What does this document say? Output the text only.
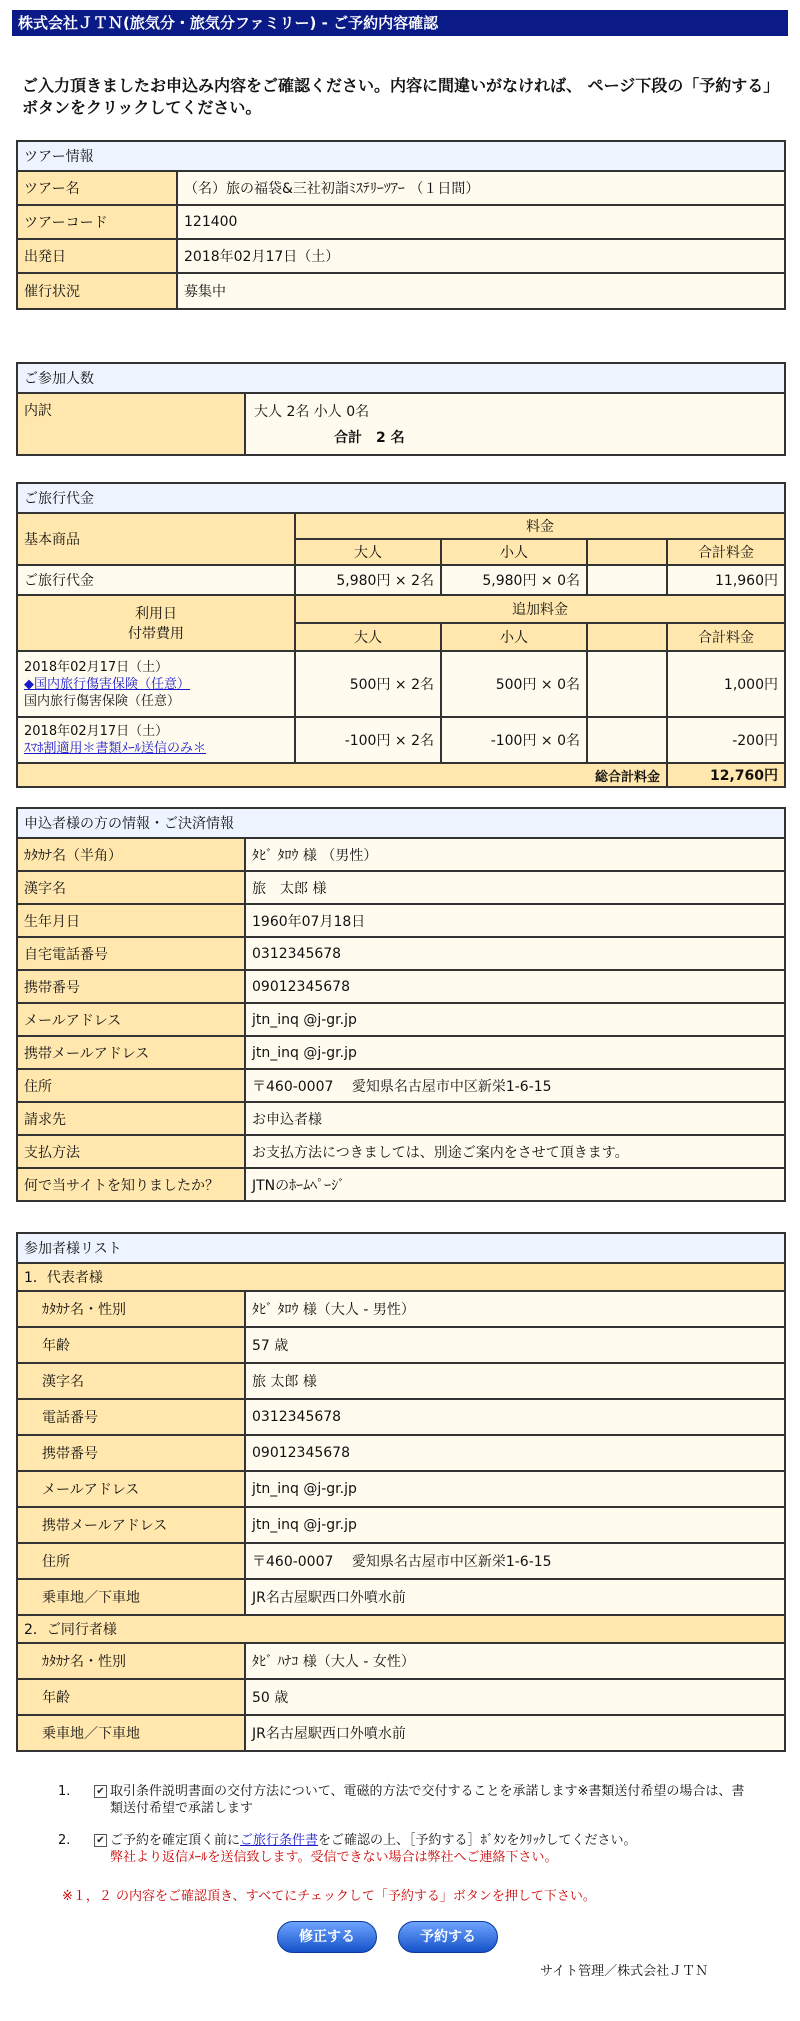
株式会社ＪＴＮ(旅気分・旅気分ファミリー) - ご予約内容確認
ご入力頂きましたお申込み内容をご確認ください。内容に間違いがなければ、 ページ下段の「予約する」ボタンをクリックしてください。
ツアー情報	
ツアー名	（名）旅の福袋&三社初詣ﾐｽﾃﾘｰﾂｱｰ （１日間）
ツアーコード	121400
出発日	2018年02月17日（土）
催行状況	募集中
ご参加人数
内訳	大人 2名 小人 0名
合計　2 名
ご旅行代金				
基本商品	料金			
	大人	小人		合計料金
ご旅行代金	5,980円 × 2名	5,980円 × 0名		11,960円

利用日
付帯費用	追加料金			
	大人	小人		合計料金

2018年02月17日（土）
◆国内旅行傷害保険（任意）
国内旅行傷害保険（任意）	500円 × 2名	500円 × 0名		1,000円

2018年02月17日（土）
ｽﾏﾎ割適用＊書類ﾒｰﾙ送信のみ＊	-100円 × 2名	-100円 × 0名		-200円
総合計料金				12,760円
申込者様の方の情報・ご決済情報	
ｶﾀｶﾅ名（半角）	ﾀﾋﾞ ﾀﾛｳ 様 （男性）
漢字名	旅　太郎 様
生年月日	1960年07月18日
自宅電話番号	0312345678
携帯番号	09012345678
メールアドレス	jtn_inq @j-gr.jp
携帯メールアドレス	jtn_inq @j-gr.jp
住所	〒460-0007　 愛知県名古屋市中区新栄1-6-15
請求先	お申込者様
支払方法	お支払方法につきましては、別途ご案内をさせて頂きます。
何で当サイトを知りましたか？	JTNのﾎｰﾑﾍﾟｰｼﾞ
参加者様リスト	
1．代表者様	
ｶﾀｶﾅ名・性別	ﾀﾋﾞ ﾀﾛｳ 様（大人 - 男性）
年齢	57 歳
漢字名	旅 太郎 様
電話番号	0312345678
携帯番号	09012345678
メールアドレス	jtn_inq @j-gr.jp
携帯メールアドレス	jtn_inq @j-gr.jp
住所	〒460-0007　 愛知県名古屋市中区新栄1-6-15
乗車地／下車地	JR名古屋駅西口外噴水前
2．ご同行者様	
ｶﾀｶﾅ名・性別	ﾀﾋﾞ ﾊﾅｺ 様（大人 - 女性）
年齢	50 歳
乗車地／下車地	JR名古屋駅西口外噴水前
1.	✔ 取引条件説明書面の交付方法について、電磁的方法で交付することを承諾します※書類送付希望の場合は、書類送付希望で承諾します
2.	✔ ご予約を確定頂く前にご旅行条件書をご確認の上、［予約する］ﾎﾞﾀﾝをｸﾘｯｸしてください。
弊社より返信ﾒｰﾙを送信致します。受信できない場合は弊社へご連絡下さい。
※１，２ の内容をご確認頂き、すべてにチェックして「予約する」ボタンを押して下さい。
修正する	予約する
サイト管理／株式会社ＪＴＮ
